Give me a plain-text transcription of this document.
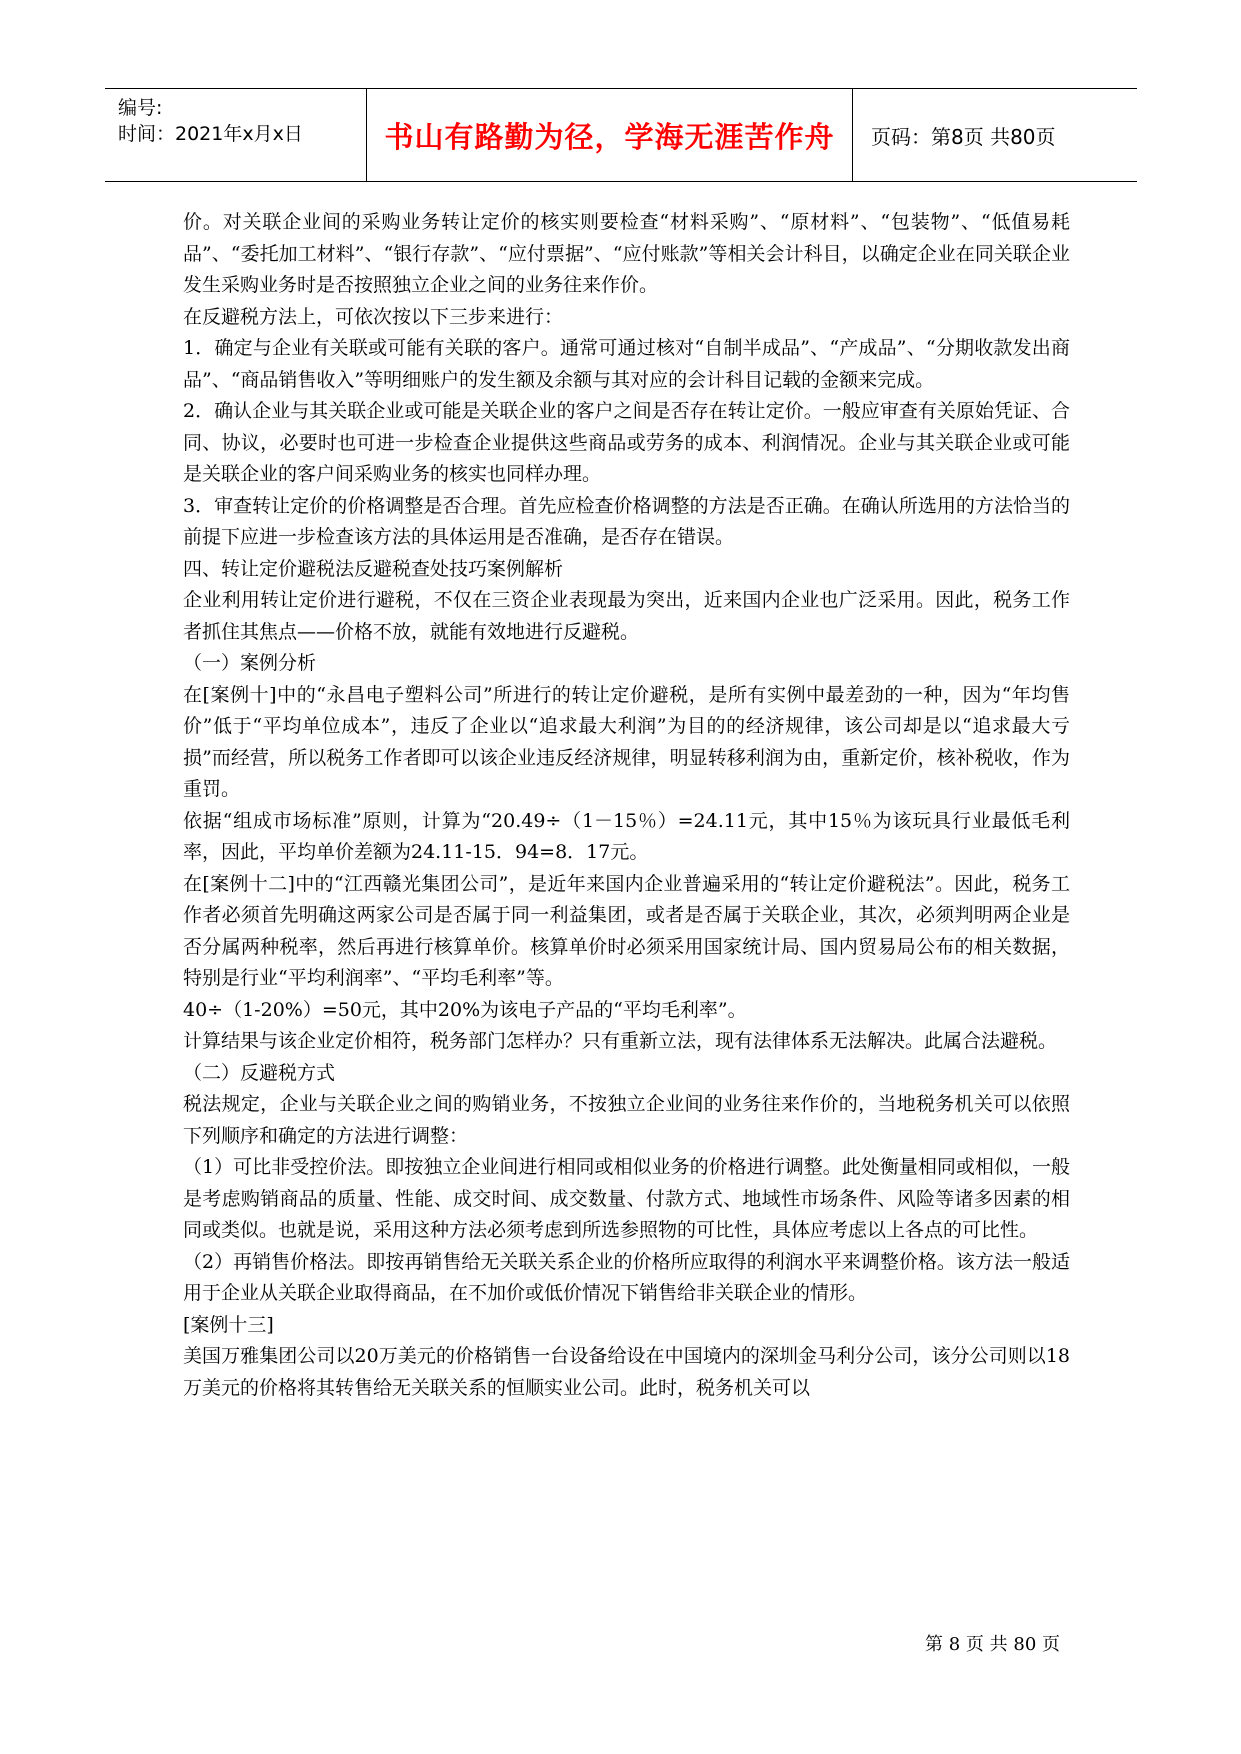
编号:
时间：2021年x月x日	书山有路勤为径，学海无涯苦作舟	页码：第8页 共80页

价。对关联企业间的采购业务转让定价的核实则要检查“材料采购”、“原材料”、“包装物”、“低值易耗品”、“委托加工材料”、“银行存款”、“应付票据”、“应付账款”等相关会计科目，以确定企业在同关联企业发生采购业务时是否按照独立企业之间的业务往来作价。

在反避税方法上，可依次按以下三步来进行：

1．确定与企业有关联或可能有关联的客户。通常可通过核对“自制半成品”、“产成品”、“分期收款发出商品”、“商品销售收入”等明细账户的发生额及余额与其对应的会计科目记载的金额来完成。

2．确认企业与其关联企业或可能是关联企业的客户之间是否存在转让定价。一般应审查有关原始凭证、合同、协议，必要时也可进一步检查企业提供这些商品或劳务的成本、利润情况。企业与其关联企业或可能是关联企业的客户间采购业务的核实也同样办理。

3．审查转让定价的价格调整是否合理。首先应检查价格调整的方法是否正确。在确认所选用的方法恰当的前提下应进一步检查该方法的具体运用是否准确，是否存在错误。

四、转让定价避税法反避税查处技巧案例解析

企业利用转让定价进行避税，不仅在三资企业表现最为突出，近来国内企业也广泛采用。因此，税务工作者抓住其焦点——价格不放，就能有效地进行反避税。

（一）案例分析

在[案例十]中的“永昌电子塑料公司”所进行的转让定价避税，是所有实例中最差劲的一种，因为“年均售价”低于“平均单位成本”，违反了企业以“追求最大利润”为目的的经济规律，该公司却是以“追求最大亏损”而经营，所以税务工作者即可以该企业违反经济规律，明显转移利润为由，重新定价，核补税收，作为重罚。

依据“组成市场标准”原则，计算为“20.49÷（1－15％）=24.11元，其中15％为该玩具行业最低毛利率，因此，平均单价差额为24.11-15．94=8．17元。

在[案例十二]中的“江西赣光集团公司”，是近年来国内企业普遍采用的“转让定价避税法”。因此，税务工作者必须首先明确这两家公司是否属于同一利益集团，或者是否属于关联企业，其次，必须判明两企业是否分属两种税率，然后再进行核算单价。核算单价时必须采用国家统计局、国内贸易局公布的相关数据，特别是行业“平均利润率”、“平均毛利率”等。

40÷（1-20%）=50元，其中20%为该电子产品的“平均毛利率”。

计算结果与该企业定价相符，税务部门怎样办？只有重新立法，现有法律体系无法解决。此属合法避税。

（二）反避税方式

税法规定，企业与关联企业之间的购销业务，不按独立企业间的业务往来作价的，当地税务机关可以依照下列顺序和确定的方法进行调整：

（1）可比非受控价法。即按独立企业间进行相同或相似业务的价格进行调整。此处衡量相同或相似，一般是考虑购销商品的质量、性能、成交时间、成交数量、付款方式、地域性市场条件、风险等诸多因素的相同或类似。也就是说，采用这种方法必须考虑到所选参照物的可比性，具体应考虑以上各点的可比性。

（2）再销售价格法。即按再销售给无关联关系企业的价格所应取得的利润水平来调整价格。该方法一般适用于企业从关联企业取得商品，在不加价或低价情况下销售给非关联企业的情形。

[案例十三]

美国万雅集团公司以20万美元的价格销售一台设备给设在中国境内的深圳金马利分公司，该分公司则以18万美元的价格将其转售给无关联关系的恒顺实业公司。此时，税务机关可以

第 8 页 共 80 页
